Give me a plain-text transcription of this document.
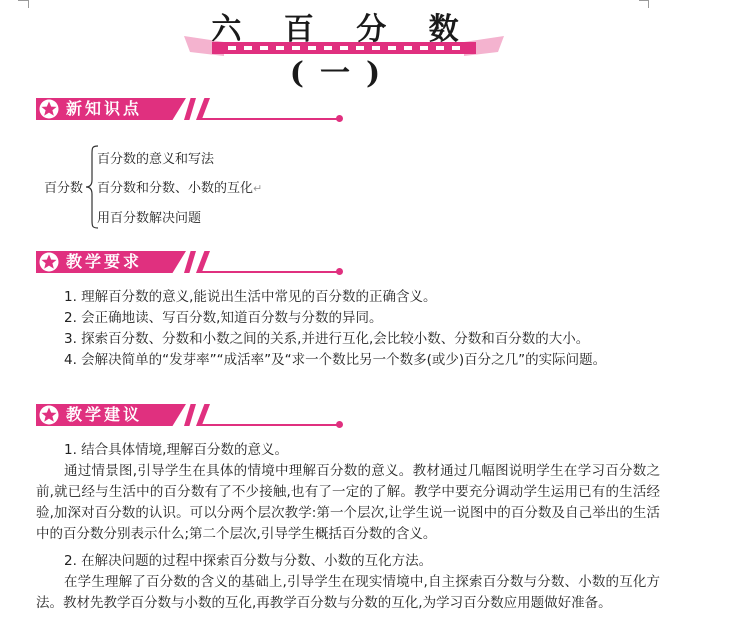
六 百 分 数 (一)
新知识点
百分数
百分数的意义和写法
百分数和分数、小数的互化↵
用百分数解决问题
教学要求
1. 理解百分数的意义,能说出生活中常见的百分数的正确含义。
2. 会正确地读、写百分数,知道百分数与分数的异同。
3. 探索百分数、分数和小数之间的关系,并进行互化,会比较小数、分数和百分数的大小。
4. 会解决简单的“发芽率”“成活率”及“求一个数比另一个数多(或少)百分之几”的实际问题。
教学建议
1. 结合具体情境,理解百分数的意义。
通过情景图,引导学生在具体的情境中理解百分数的意义。教材通过几幅图说明学生在学习百分数之前,就已经与生活中的百分数有了不少接触,也有了一定的了解。教学中要充分调动学生运用已有的生活经验,加深对百分数的认识。可以分两个层次教学:第一个层次,让学生说一说图中的百分数及自己举出的生活中的百分数分别表示什么;第二个层次,引导学生概括百分数的含义。
2. 在解决问题的过程中探索百分数与分数、小数的互化方法。
在学生理解了百分数的含义的基础上,引导学生在现实情境中,自主探索百分数与分数、小数的互化方法。教材先教学百分数与小数的互化,再教学百分数与分数的互化,为学习百分数应用题做好准备。
